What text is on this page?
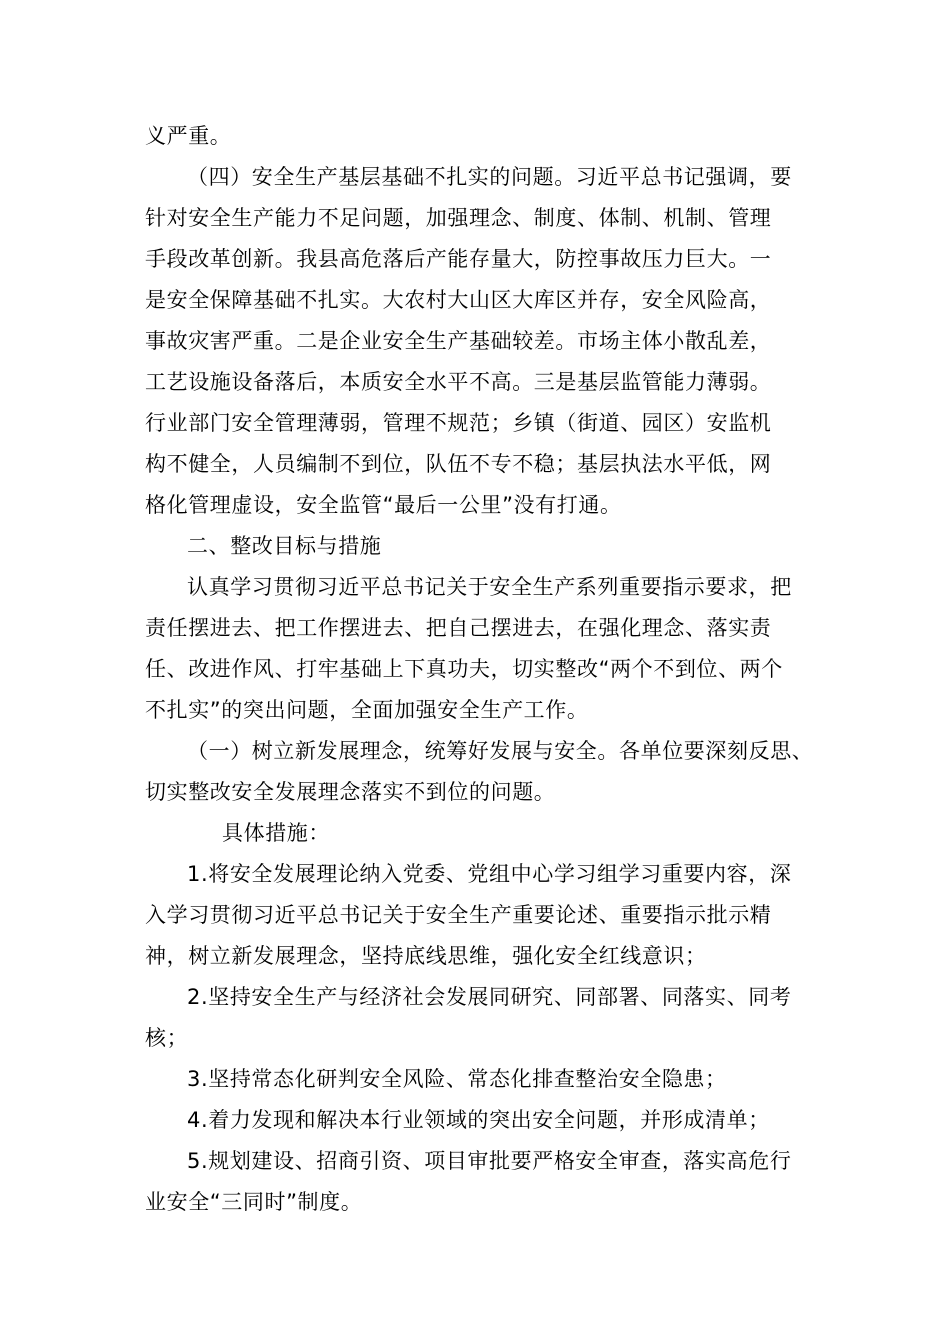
义严重。
（四）安全生产基层基础不扎实的问题。习近平总书记强调，要
针对安全生产能力不足问题，加强理念、制度、体制、机制、管理
手段改革创新。我县高危落后产能存量大，防控事故压力巨大。一
是安全保障基础不扎实。大农村大山区大库区并存，安全风险高，
事故灾害严重。二是企业安全生产基础较差。市场主体小散乱差，
工艺设施设备落后，本质安全水平不高。三是基层监管能力薄弱。
行业部门安全管理薄弱，管理不规范；乡镇（街道、园区）安监机
构不健全，人员编制不到位，队伍不专不稳；基层执法水平低，网
格化管理虚设，安全监管“最后一公里”没有打通。
二、整改目标与措施
认真学习贯彻习近平总书记关于安全生产系列重要指示要求，把
责任摆进去、把工作摆进去、把自己摆进去，在强化理念、落实责
任、改进作风、打牢基础上下真功夫，切实整改“两个不到位、两个
不扎实”的突出问题，全面加强安全生产工作。
（一）树立新发展理念，统筹好发展与安全。各单位要深刻反思、
切实整改安全发展理念落实不到位的问题。
具体措施：
1.将安全发展理论纳入党委、党组中心学习组学习重要内容，深
入学习贯彻习近平总书记关于安全生产重要论述、重要指示批示精
神，树立新发展理念，坚持底线思维，强化安全红线意识；
2.坚持安全生产与经济社会发展同研究、同部署、同落实、同考
核；
3.坚持常态化研判安全风险、常态化排查整治安全隐患；
4.着力发现和解决本行业领域的突出安全问题，并形成清单；
5.规划建设、招商引资、项目审批要严格安全审查，落实高危行
业安全“三同时”制度。
